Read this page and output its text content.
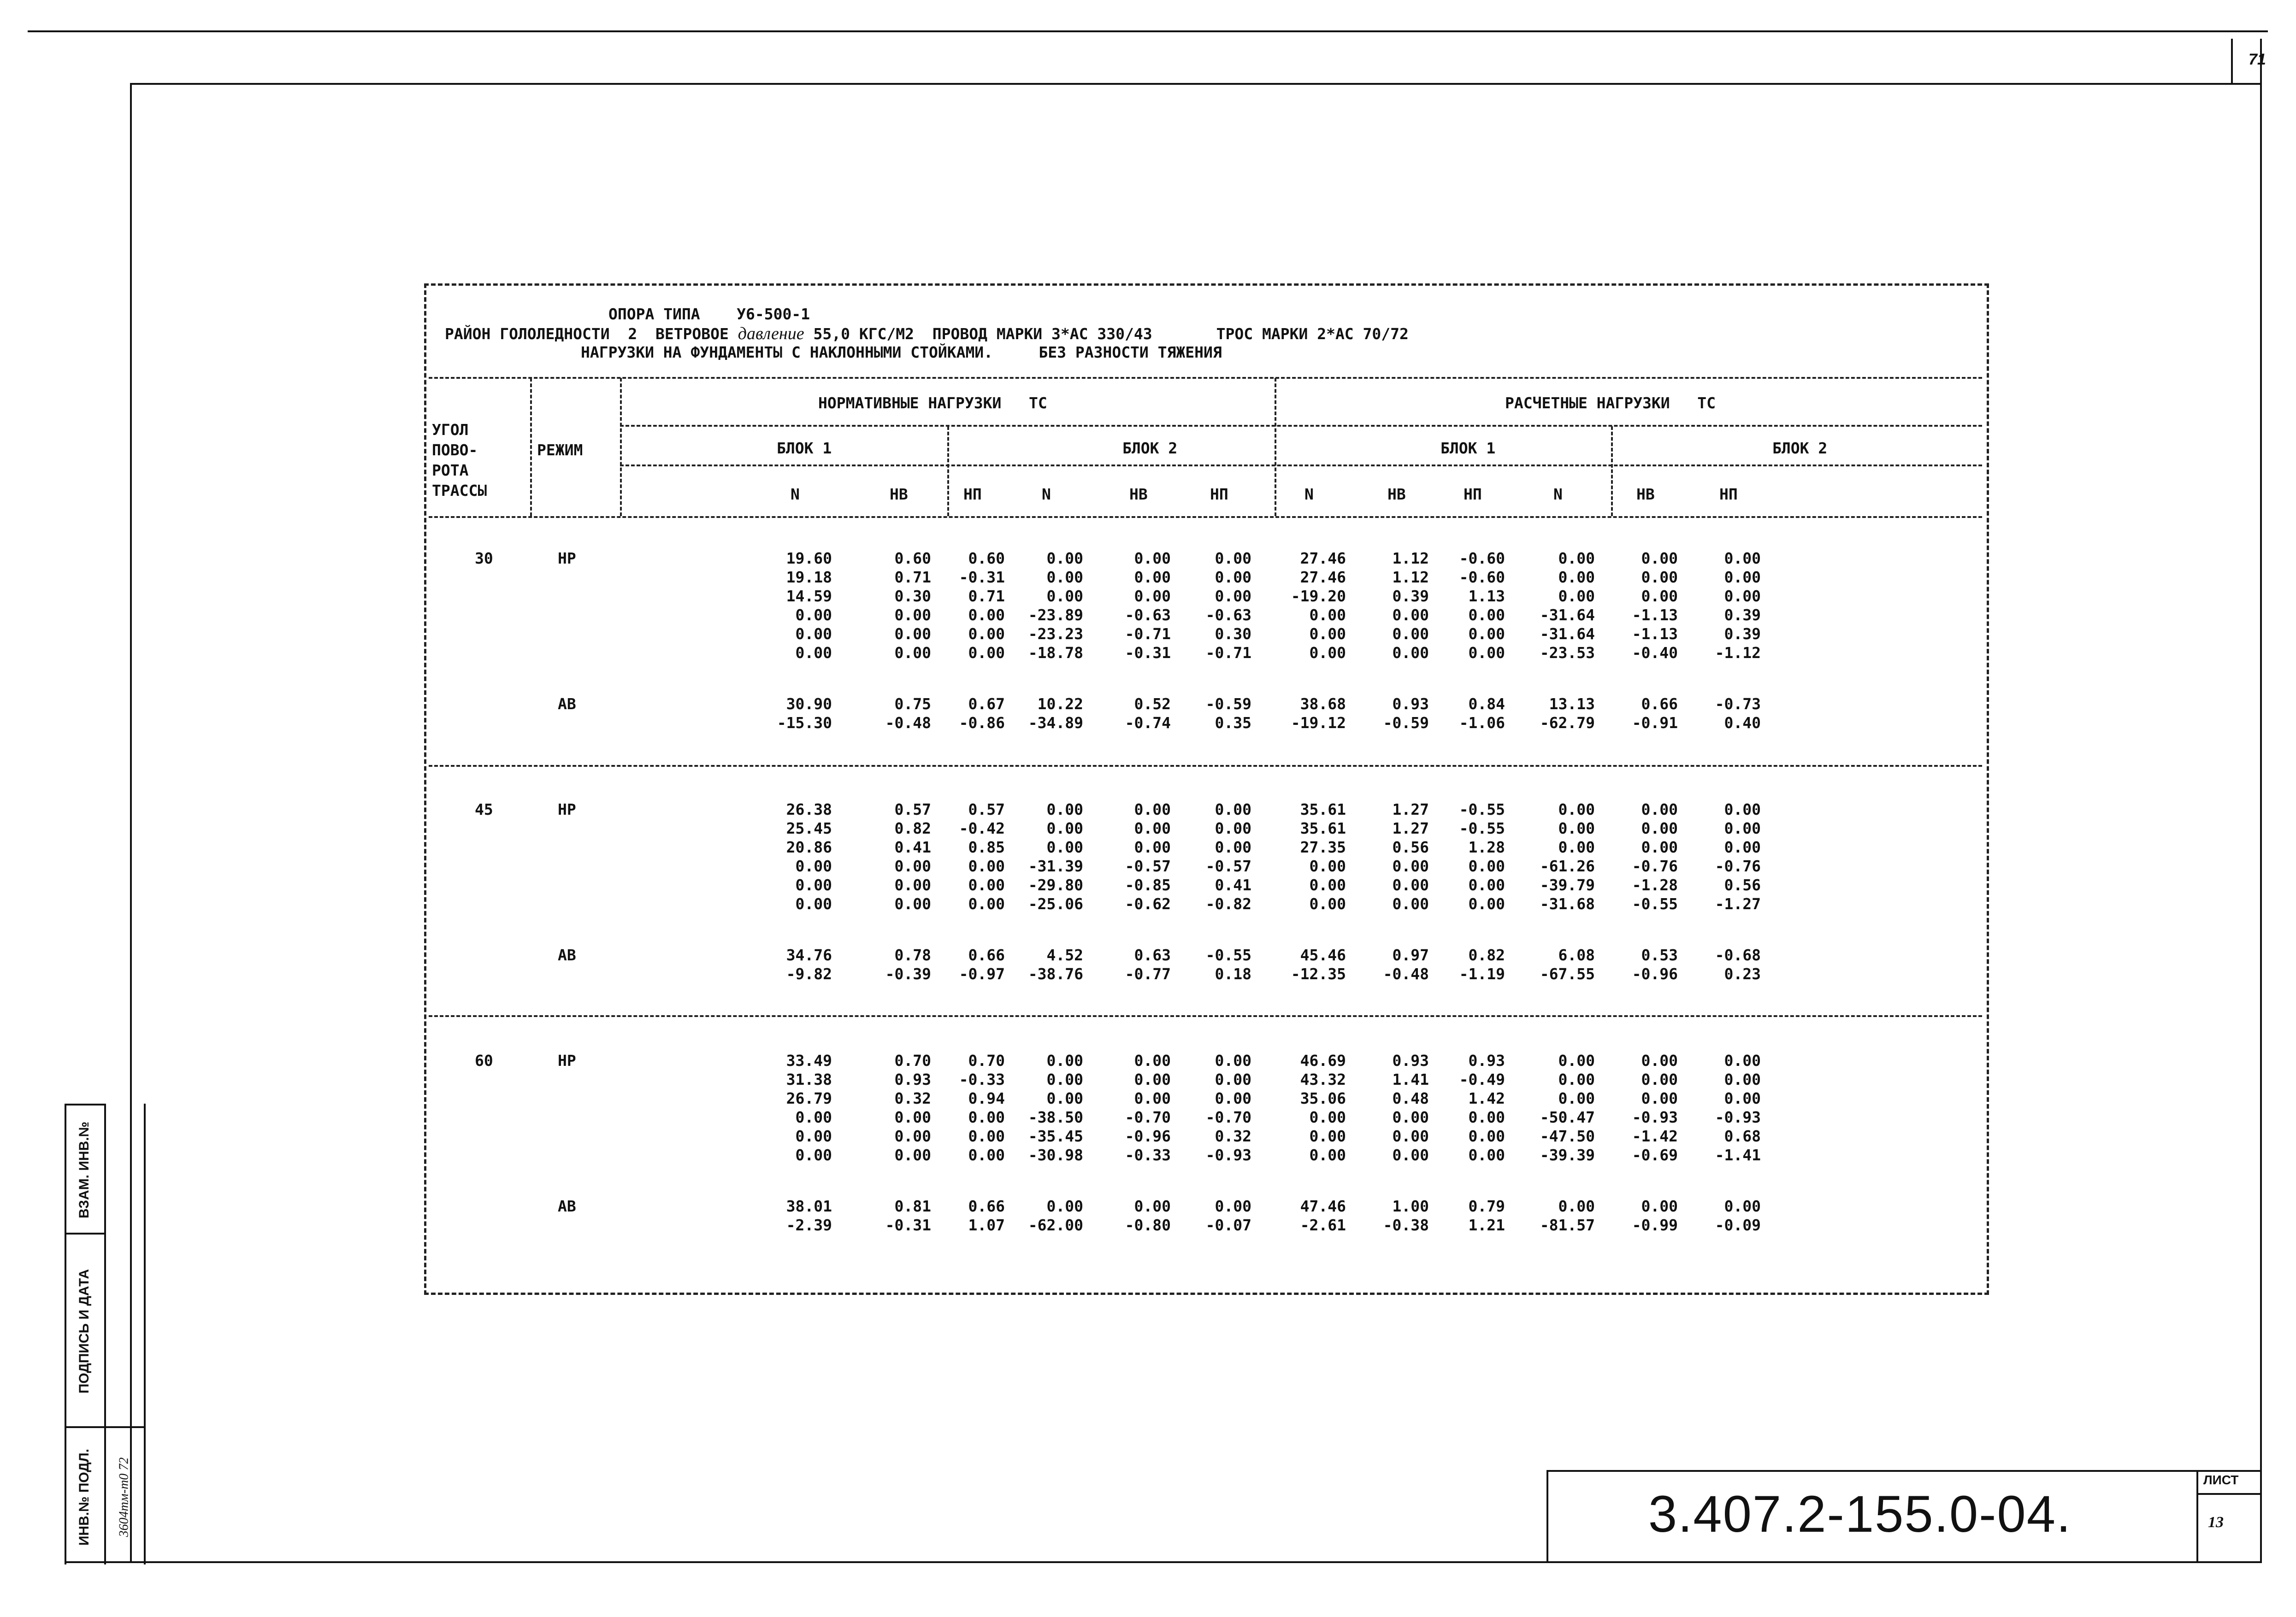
71
ВЗАМ. ИНВ.№
ПОДПИСЬ И ДАТА
ИНВ.№ ПОДЛ. 3604тм-т0 72	3.407.2-155.0-04.
ЛИСТ
13
ОПОРА ТИПА    У6-500-1
РАЙОН ГОЛОЛЕДНОСТИ  2  ВЕТРОВОЕ давление 55,0 КГС/М2  ПРОВОД МАРКИ 3*АС 330/43       ТРОС МАРКИ 2*АС 70/72
НАГРУЗКИ НА ФУНДАМЕНТЫ С НАКЛОННЫМИ СТОЙКАМИ.     БЕЗ РАЗНОСТИ ТЯЖЕНИЯ
УГОЛ
ПОВО-
РОТА
ТРАССЫ
РЕЖИМ
НОРМАТИВНЫЕ НАГРУЗКИ   ТС	РАСЧЕТНЫЕ НАГРУЗКИ   ТС
БЛОК 1	БЛОК 2	БЛОК 1	БЛОК 2
N	НВ	НП	N	НВ	НП	N	НВ	НП	N	НВ	НП
30	НР	19.60	0.60	0.60	0.00	0.00	0.00	27.46	1.12	-0.60	0.00	0.00	0.00
19.18	0.71	-0.31	0.00	0.00	0.00	27.46	1.12	-0.60	0.00	0.00	0.00
14.59	0.30	0.71	0.00	0.00	0.00	-19.20	0.39	1.13	0.00	0.00	0.00
0.00	0.00	0.00	-23.89	-0.63	-0.63	0.00	0.00	0.00	-31.64	-1.13	0.39
0.00	0.00	0.00	-23.23	-0.71	0.30	0.00	0.00	0.00	-31.64	-1.13	0.39
0.00	0.00	0.00	-18.78	-0.31	-0.71	0.00	0.00	0.00	-23.53	-0.40	-1.12
АВ	30.90	0.75	0.67	10.22	0.52	-0.59	38.68	0.93	0.84	13.13	0.66	-0.73
-15.30	-0.48	-0.86	-34.89	-0.74	0.35	-19.12	-0.59	-1.06	-62.79	-0.91	0.40
45	НР	26.38	0.57	0.57	0.00	0.00	0.00	35.61	1.27	-0.55	0.00	0.00	0.00
25.45	0.82	-0.42	0.00	0.00	0.00	35.61	1.27	-0.55	0.00	0.00	0.00
20.86	0.41	0.85	0.00	0.00	0.00	27.35	0.56	1.28	0.00	0.00	0.00
0.00	0.00	0.00	-31.39	-0.57	-0.57	0.00	0.00	0.00	-61.26	-0.76	-0.76
0.00	0.00	0.00	-29.80	-0.85	0.41	0.00	0.00	0.00	-39.79	-1.28	0.56
0.00	0.00	0.00	-25.06	-0.62	-0.82	0.00	0.00	0.00	-31.68	-0.55	-1.27
АВ	34.76	0.78	0.66	4.52	0.63	-0.55	45.46	0.97	0.82	6.08	0.53	-0.68
-9.82	-0.39	-0.97	-38.76	-0.77	0.18	-12.35	-0.48	-1.19	-67.55	-0.96	0.23
60	НР	33.49	0.70	0.70	0.00	0.00	0.00	46.69	0.93	0.93	0.00	0.00	0.00
31.38	0.93	-0.33	0.00	0.00	0.00	43.32	1.41	-0.49	0.00	0.00	0.00
26.79	0.32	0.94	0.00	0.00	0.00	35.06	0.48	1.42	0.00	0.00	0.00
0.00	0.00	0.00	-38.50	-0.70	-0.70	0.00	0.00	0.00	-50.47	-0.93	-0.93
0.00	0.00	0.00	-35.45	-0.96	0.32	0.00	0.00	0.00	-47.50	-1.42	0.68
0.00	0.00	0.00	-30.98	-0.33	-0.93	0.00	0.00	0.00	-39.39	-0.69	-1.41
АВ	38.01	0.81	0.66	0.00	0.00	0.00	47.46	1.00	0.79	0.00	0.00	0.00
-2.39	-0.31	1.07	-62.00	-0.80	-0.07	-2.61	-0.38	1.21	-81.57	-0.99	-0.09
